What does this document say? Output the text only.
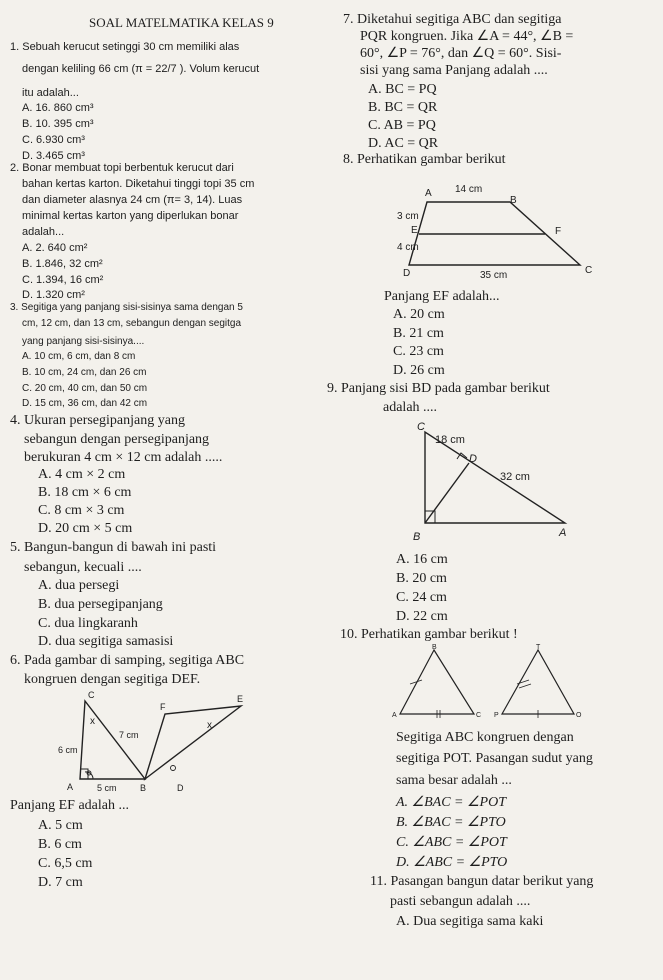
SOAL MATELMATIKA KELAS 9
1. Sebuah kerucut setinggi 30 cm memiliki alas
dengan keliling 66 cm (π = 22/7 ). Volum kerucut
itu adalah...
A. 16. 860 cm³
B. 10. 395 cm³
C. 6.930 cm³
D. 3.465 cm³
2. Bonar membuat topi berbentuk kerucut dari
bahan kertas karton. Diketahui tinggi topi 35 cm
dan diameter alasnya 24 cm (π= 3, 14). Luas
minimal kertas karton yang diperlukan bonar
adalah...
A. 2. 640 cm²
B. 1.846, 32 cm²
C. 1.394, 16 cm²
D. 1.320 cm²
3. Segitiga yang panjang sisi-sisinya sama dengan 5
cm, 12 cm, dan 13 cm, sebangun dengan segitga
yang panjang sisi-sisinya....
A. 10 cm, 6 cm, dan 8 cm
B. 10 cm, 24 cm, dan 26 cm
C. 20 cm, 40 cm, dan 50 cm
D. 15 cm, 36 cm, dan 42 cm
4. Ukuran persegipanjang yang
sebangun dengan persegipanjang
berukuran 4 cm × 12 cm adalah .....
A. 4 cm × 2 cm
B. 18 cm × 6 cm
C. 8 cm × 3 cm
D. 20 cm × 5 cm
5. Bangun-bangun di bawah ini pasti
sebangun, kecuali ....
A. dua persegi
B. dua persegipanjang
C. dua lingkaranh
D. dua segitiga samasisi
6. Pada gambar di samping, segitiga ABC
kongruen dengan segitiga DEF.
x	x
C
F
E
7 cm
6 cm
A	5 cm	B	D
Panjang EF adalah ...
A. 5 cm
B. 6 cm
C. 6,5 cm
D. 7 cm
7. Diketahui segitiga ABC dan segitiga
PQR kongruen. Jika ∠A = 44°, ∠B =
60°, ∠P = 76°, dan ∠Q = 60°. Sisi-
sisi yang sama Panjang adalah ....
A. BC = PQ
B. BC = QR
C. AB = PQ
D. AC = QR
8. Perhatikan gambar berikut
A 14 cm
B
3 cm
E	F
4 cm
D	35 cm	C
Panjang EF adalah...
A. 20 cm
B. 21 cm
C. 23 cm
D. 26 cm
9. Panjang sisi BD pada gambar berikut
adalah ....
C
18 cm
D
32 cm
B	A
A. 16 cm
B. 20 cm
C. 24 cm
D. 22 cm
10. Perhatikan gambar berikut !
B	T
A	C P	O
Segitiga ABC kongruen dengan
segitiga POT. Pasangan sudut yang
sama besar adalah ...
A. ∠BAC = ∠POT
B. ∠BAC = ∠PTO
C. ∠ABC = ∠POT
D. ∠ABC = ∠PTO
11. Pasangan bangun datar berikut yang
pasti sebangun adalah ....
A. Dua segitiga sama kaki
